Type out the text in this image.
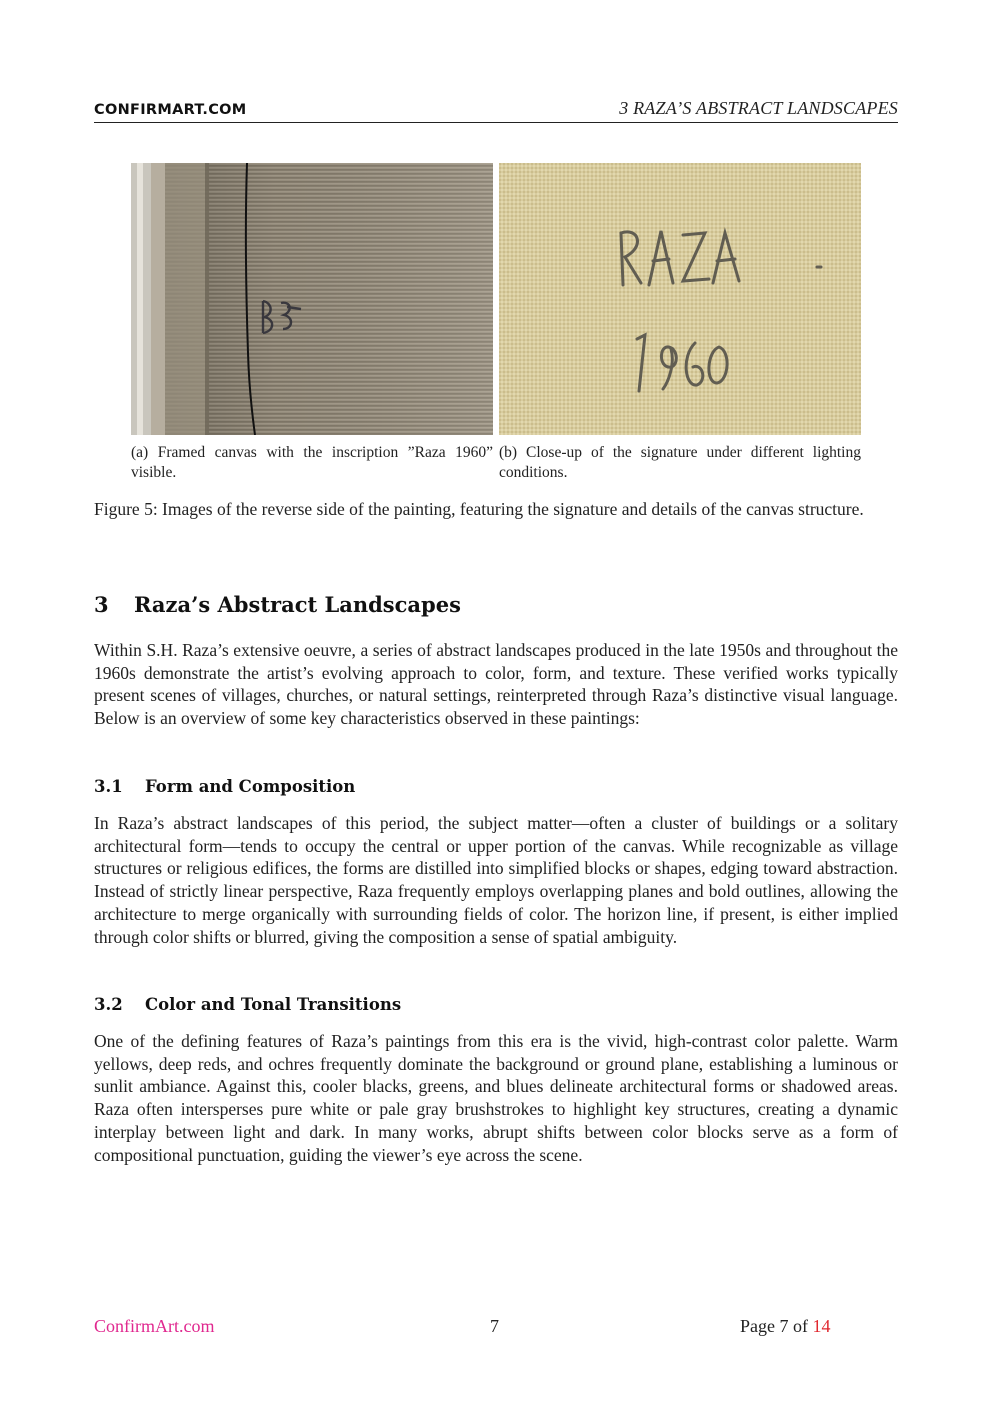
CONFIRMART.COM	3 RAZA’S ABSTRACT LANDSCAPES
(a) Framed canvas with the inscription ”Raza 1960” visible.
(b) Close-up of the signature under different lighting conditions.
Figure 5: Images of the reverse side of the painting, featuring the signature and details of the canvas structure.
3 Raza’s Abstract Landscapes

Within S.H. Raza’s extensive oeuvre, a series of abstract landscapes produced in the late 1950s and throughout the 1960s demonstrate the artist’s evolving approach to color, form, and texture. These verified works typically present scenes of villages, churches, or natural settings, reinterpreted through Raza’s distinctive visual language. Below is an overview of some key characteristics observed in these paintings:

3.1 Form and Composition

In Raza’s abstract landscapes of this period, the subject matter—often a cluster of buildings or a solitary architectural form—tends to occupy the central or upper portion of the canvas. While recognizable as village structures or religious edifices, the forms are distilled into simplified blocks or shapes, edging toward abstraction. Instead of strictly linear perspective, Raza frequently employs overlapping planes and bold outlines, allowing the architecture to merge organically with surrounding fields of color. The horizon line, if present, is either implied through color shifts or blurred, giving the composition a sense of spatial ambiguity.

3.2 Color and Tonal Transitions

One of the defining features of Raza’s paintings from this era is the vivid, high-contrast color palette. Warm yellows, deep reds, and ochres frequently dominate the background or ground plane, establishing a luminous or sunlit ambiance. Against this, cooler blacks, greens, and blues delineate architectural forms or shadowed areas. Raza often intersperses pure white or pale gray brushstrokes to highlight key structures, creating a dynamic interplay between light and dark. In many works, abrupt shifts between color blocks serve as a form of compositional punctuation, guiding the viewer’s eye across the scene.

ConfirmArt.com	7	Page 7 of 14
